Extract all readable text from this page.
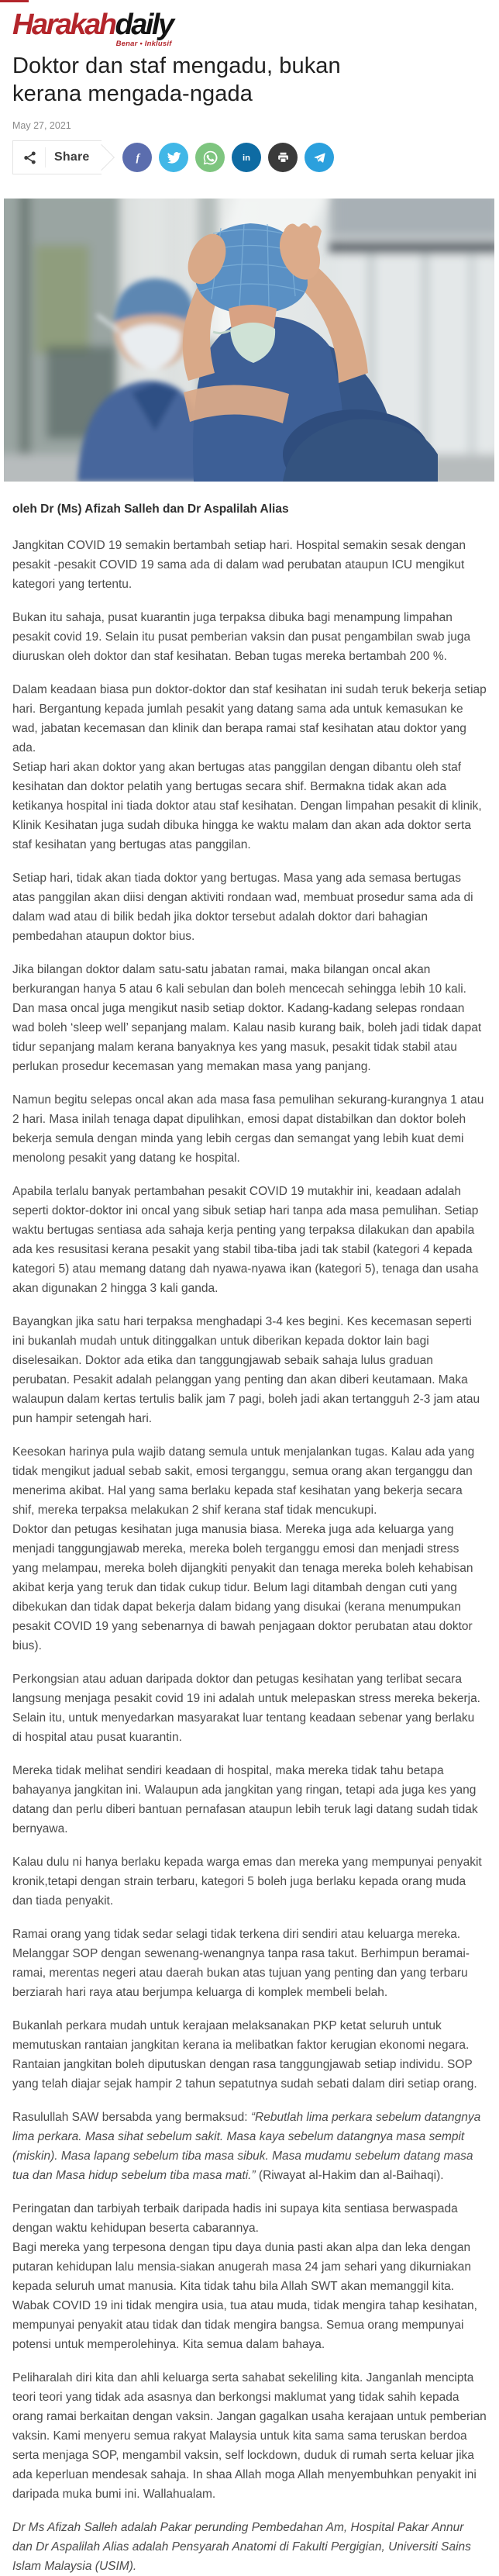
Harakahdaily
Benar • Inklusif
Doktor dan staf mengadu, bukan kerana mengada-ngada
May 27, 2021
Share	f	in
oleh Dr (Ms) Afizah Salleh dan Dr Aspalilah Alias

Jangkitan COVID 19 semakin bertambah setiap hari. Hospital semakin sesak dengan pesakit -pesakit COVID 19 sama ada di dalam wad perubatan ataupun ICU mengikut kategori yang tertentu.

Bukan itu sahaja, pusat kuarantin juga terpaksa dibuka bagi menampung limpahan pesakit covid 19. Selain itu pusat pemberian vaksin dan pusat pengambilan swab juga diuruskan oleh doktor dan staf kesihatan. Beban tugas mereka bertambah 200 %.

Dalam keadaan biasa pun doktor-doktor dan staf kesihatan ini sudah teruk bekerja setiap hari. Bergantung kepada jumlah pesakit yang datang sama ada untuk kemasukan ke wad, jabatan kecemasan dan klinik dan berapa ramai staf kesihatan atau doktor yang ada.

Setiap hari akan doktor yang akan bertugas atas panggilan dengan dibantu oleh staf kesihatan dan doktor pelatih yang bertugas secara shif. Bermakna tidak akan ada ketikanya hospital ini tiada doktor atau staf kesihatan. Dengan limpahan pesakit di klinik, Klinik Kesihatan juga sudah dibuka hingga ke waktu malam dan akan ada doktor serta staf kesihatan yang bertugas atas panggilan.

Setiap hari, tidak akan tiada doktor yang bertugas. Masa yang ada semasa bertugas atas panggilan akan diisi dengan aktiviti rondaan wad, membuat prosedur sama ada di dalam wad atau di bilik bedah jika doktor tersebut adalah doktor dari bahagian pembedahan ataupun doktor bius.

Jika bilangan doktor dalam satu-satu jabatan ramai, maka bilangan oncal akan berkurangan hanya 5 atau 6 kali sebulan dan boleh mencecah sehingga lebih 10 kali. Dan masa oncal juga mengikut nasib setiap doktor. Kadang-kadang selepas rondaan wad boleh ‘sleep well’ sepanjang malam. Kalau nasib kurang baik, boleh jadi tidak dapat tidur sepanjang malam kerana banyaknya kes yang masuk, pesakit tidak stabil atau perlukan prosedur kecemasan yang memakan masa yang panjang.

Namun begitu selepas oncal akan ada masa fasa pemulihan sekurang-kurangnya 1 atau 2 hari. Masa inilah tenaga dapat dipulihkan, emosi dapat distabilkan dan doktor boleh bekerja semula dengan minda yang lebih cergas dan semangat yang lebih kuat demi menolong pesakit yang datang ke hospital.

Apabila terlalu banyak pertambahan pesakit COVID 19 mutakhir ini, keadaan adalah seperti doktor-doktor ini oncal yang sibuk setiap hari tanpa ada masa pemulihan. Setiap waktu bertugas sentiasa ada sahaja kerja penting yang terpaksa dilakukan dan apabila ada kes resusitasi kerana pesakit yang stabil tiba-tiba jadi tak stabil (kategori 4 kepada kategori 5) atau memang datang dah nyawa-nyawa ikan (kategori 5), tenaga dan usaha akan digunakan 2 hingga 3 kali ganda.

Bayangkan jika satu hari terpaksa menghadapi 3-4 kes begini. Kes kecemasan seperti ini bukanlah mudah untuk ditinggalkan untuk diberikan kepada doktor lain bagi diselesaikan. Doktor ada etika dan tanggungjawab sebaik sahaja lulus graduan perubatan. Pesakit adalah pelanggan yang penting dan akan diberi keutamaan. Maka walaupun dalam kertas tertulis balik jam 7 pagi, boleh jadi akan tertangguh 2-3 jam atau pun hampir setengah hari.

Keesokan harinya pula wajib datang semula untuk menjalankan tugas. Kalau ada yang tidak mengikut jadual sebab sakit, emosi terganggu, semua orang akan terganggu dan menerima akibat. Hal yang sama berlaku kepada staf kesihatan yang bekerja secara shif, mereka terpaksa melakukan 2 shif kerana staf tidak mencukupi.

Doktor dan petugas kesihatan juga manusia biasa. Mereka juga ada keluarga yang menjadi tanggungjawab mereka, mereka boleh terganggu emosi dan menjadi stress yang melampau, mereka boleh dijangkiti penyakit dan tenaga mereka boleh kehabisan akibat kerja yang teruk dan tidak cukup tidur. Belum lagi ditambah dengan cuti yang dibekukan dan tidak dapat bekerja dalam bidang yang disukai (kerana menumpukan pesakit COVID 19 yang sebenarnya di bawah penjagaan doktor perubatan atau doktor bius).

Perkongsian atau aduan daripada doktor dan petugas kesihatan yang terlibat secara langsung menjaga pesakit covid 19 ini adalah untuk melepaskan stress mereka bekerja. Selain itu, untuk menyedarkan masyarakat luar tentang keadaan sebenar yang berlaku di hospital atau pusat kuarantin.

Mereka tidak melihat sendiri keadaan di hospital, maka mereka tidak tahu betapa bahayanya jangkitan ini. Walaupun ada jangkitan yang ringan, tetapi ada juga kes yang datang dan perlu diberi bantuan pernafasan ataupun lebih teruk lagi datang sudah tidak bernyawa.

Kalau dulu ni hanya berlaku kepada warga emas dan mereka yang mempunyai penyakit kronik,tetapi dengan strain terbaru, kategori 5 boleh juga berlaku kepada orang muda dan tiada penyakit.

Ramai orang yang tidak sedar selagi tidak terkena diri sendiri atau keluarga mereka. Melanggar SOP dengan sewenang-wenangnya tanpa rasa takut. Berhimpun beramai-ramai, merentas negeri atau daerah bukan atas tujuan yang penting dan yang terbaru berziarah hari raya atau berjumpa keluarga di komplek membeli belah.

Bukanlah perkara mudah untuk kerajaan melaksanakan PKP ketat seluruh untuk memutuskan rantaian jangkitan kerana ia melibatkan faktor kerugian ekonomi negara. Rantaian jangkitan boleh diputuskan dengan rasa tanggungjawab setiap individu. SOP yang telah diajar sejak hampir 2 tahun sepatutnya sudah sebati dalam diri setiap orang.

Rasulullah SAW bersabda yang bermaksud: “Rebutlah lima perkara sebelum datangnya lima perkara. Masa sihat sebelum sakit. Masa kaya sebelum datangnya masa sempit (miskin). Masa lapang sebelum tiba masa sibuk. Masa mudamu sebelum datang masa tua dan Masa hidup sebelum tiba masa mati.” (Riwayat al-Hakim dan al-Baihaqi).

Peringatan dan tarbiyah terbaik daripada hadis ini supaya kita sentiasa berwaspada dengan waktu kehidupan beserta cabarannya.

Bagi mereka yang terpesona dengan tipu daya dunia pasti akan alpa dan leka dengan putaran kehidupan lalu mensia-siakan anugerah masa 24 jam sehari yang dikurniakan kepada seluruh umat manusia. Kita tidak tahu bila Allah SWT akan memanggil kita. Wabak COVID 19 ini tidak mengira usia, tua atau muda, tidak mengira tahap kesihatan, mempunyai penyakit atau tidak dan tidak mengira bangsa. Semua orang mempunyai potensi untuk memperolehinya. Kita semua dalam bahaya.

Peliharalah diri kita dan ahli keluarga serta sahabat sekeliling kita. Janganlah mencipta teori teori yang tidak ada asasnya dan berkongsi maklumat yang tidak sahih kepada orang ramai berkaitan dengan vaksin. Jangan gagalkan usaha kerajaan untuk pemberian vaksin. Kami menyeru semua rakyat Malaysia untuk kita sama sama teruskan berdoa serta menjaga SOP, mengambil vaksin, self lockdown, duduk di rumah serta keluar jika ada keperluan mendesak sahaja. In shaa Allah moga Allah menyembuhkan penyakit ini daripada muka bumi ini. Wallahualam.

Dr Ms Afizah Salleh adalah Pakar perunding Pembedahan Am, Hospital Pakar Annur dan Dr Aspalilah Alias adalah Pensyarah Anatomi di Fakulti Pergigian, Universiti Sains Islam Malaysia (USIM).
